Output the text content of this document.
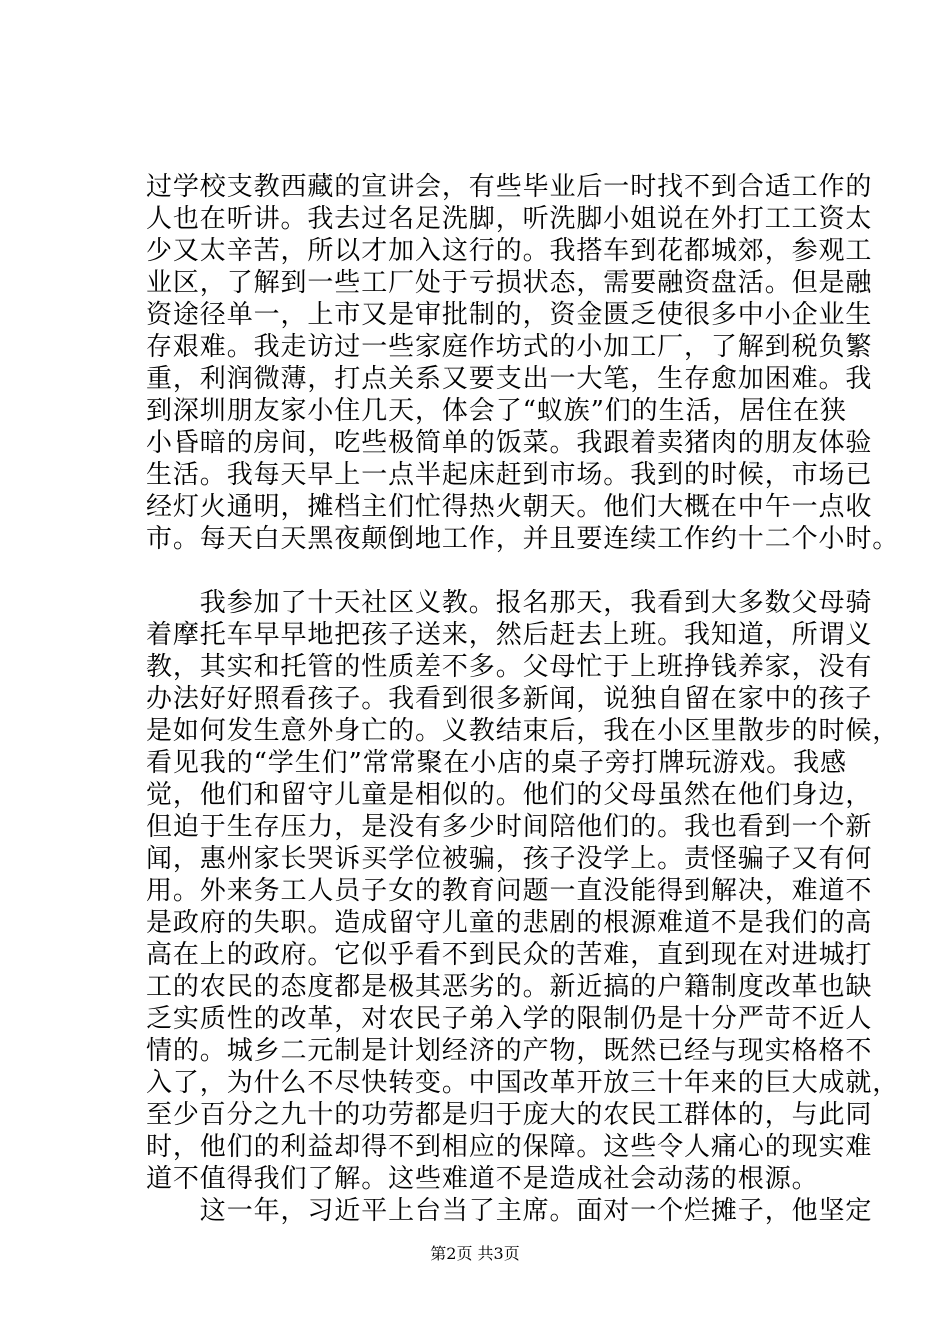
过学校支教西藏的宣讲会，有些毕业后一时找不到合适工作的
人也在听讲。我去过名足洗脚，听洗脚小姐说在外打工工资太
少又太辛苦，所以才加入这行的。我搭车到花都城郊，参观工
业区，了解到一些工厂处于亏损状态，需要融资盘活。但是融
资途径单一，上市又是审批制的，资金匮乏使很多中小企业生
存艰难。我走访过一些家庭作坊式的小加工厂，了解到税负繁
重，利润微薄，打点关系又要支出一大笔，生存愈加困难。我
到深圳朋友家小住几天，体会了“蚁族”们的生活，居住在狭
小昏暗的房间，吃些极简单的饭菜。我跟着卖猪肉的朋友体验
生活。我每天早上一点半起床赶到市场。我到的时候，市场已
经灯火通明，摊档主们忙得热火朝天。他们大概在中午一点收
市。每天白天黑夜颠倒地工作，并且要连续工作约十二个小时。
　　我参加了十天社区义教。报名那天，我看到大多数父母骑
着摩托车早早地把孩子送来，然后赶去上班。我知道，所谓义
教，其实和托管的性质差不多。父母忙于上班挣钱养家，没有
办法好好照看孩子。我看到很多新闻，说独自留在家中的孩子
是如何发生意外身亡的。义教结束后，我在小区里散步的时候，
看见我的“学生们”常常聚在小店的桌子旁打牌玩游戏。我感
觉，他们和留守儿童是相似的。他们的父母虽然在他们身边，
但迫于生存压力，是没有多少时间陪他们的。我也看到一个新
闻，惠州家长哭诉买学位被骗，孩子没学上。责怪骗子又有何
用。外来务工人员子女的教育问题一直没能得到解决，难道不
是政府的失职。造成留守儿童的悲剧的根源难道不是我们的高
高在上的政府。它似乎看不到民众的苦难，直到现在对进城打
工的农民的态度都是极其恶劣的。新近搞的户籍制度改革也缺
乏实质性的改革，对农民子弟入学的限制仍是十分严苛不近人
情的。城乡二元制是计划经济的产物，既然已经与现实格格不
入了，为什么不尽快转变。中国改革开放三十年来的巨大成就，
至少百分之九十的功劳都是归于庞大的农民工群体的，与此同
时，他们的利益却得不到相应的保障。这些令人痛心的现实难
道不值得我们了解。这些难道不是造成社会动荡的根源。
　　这一年，习近平上台当了主席。面对一个烂摊子，他坚定
第2页 共3页
